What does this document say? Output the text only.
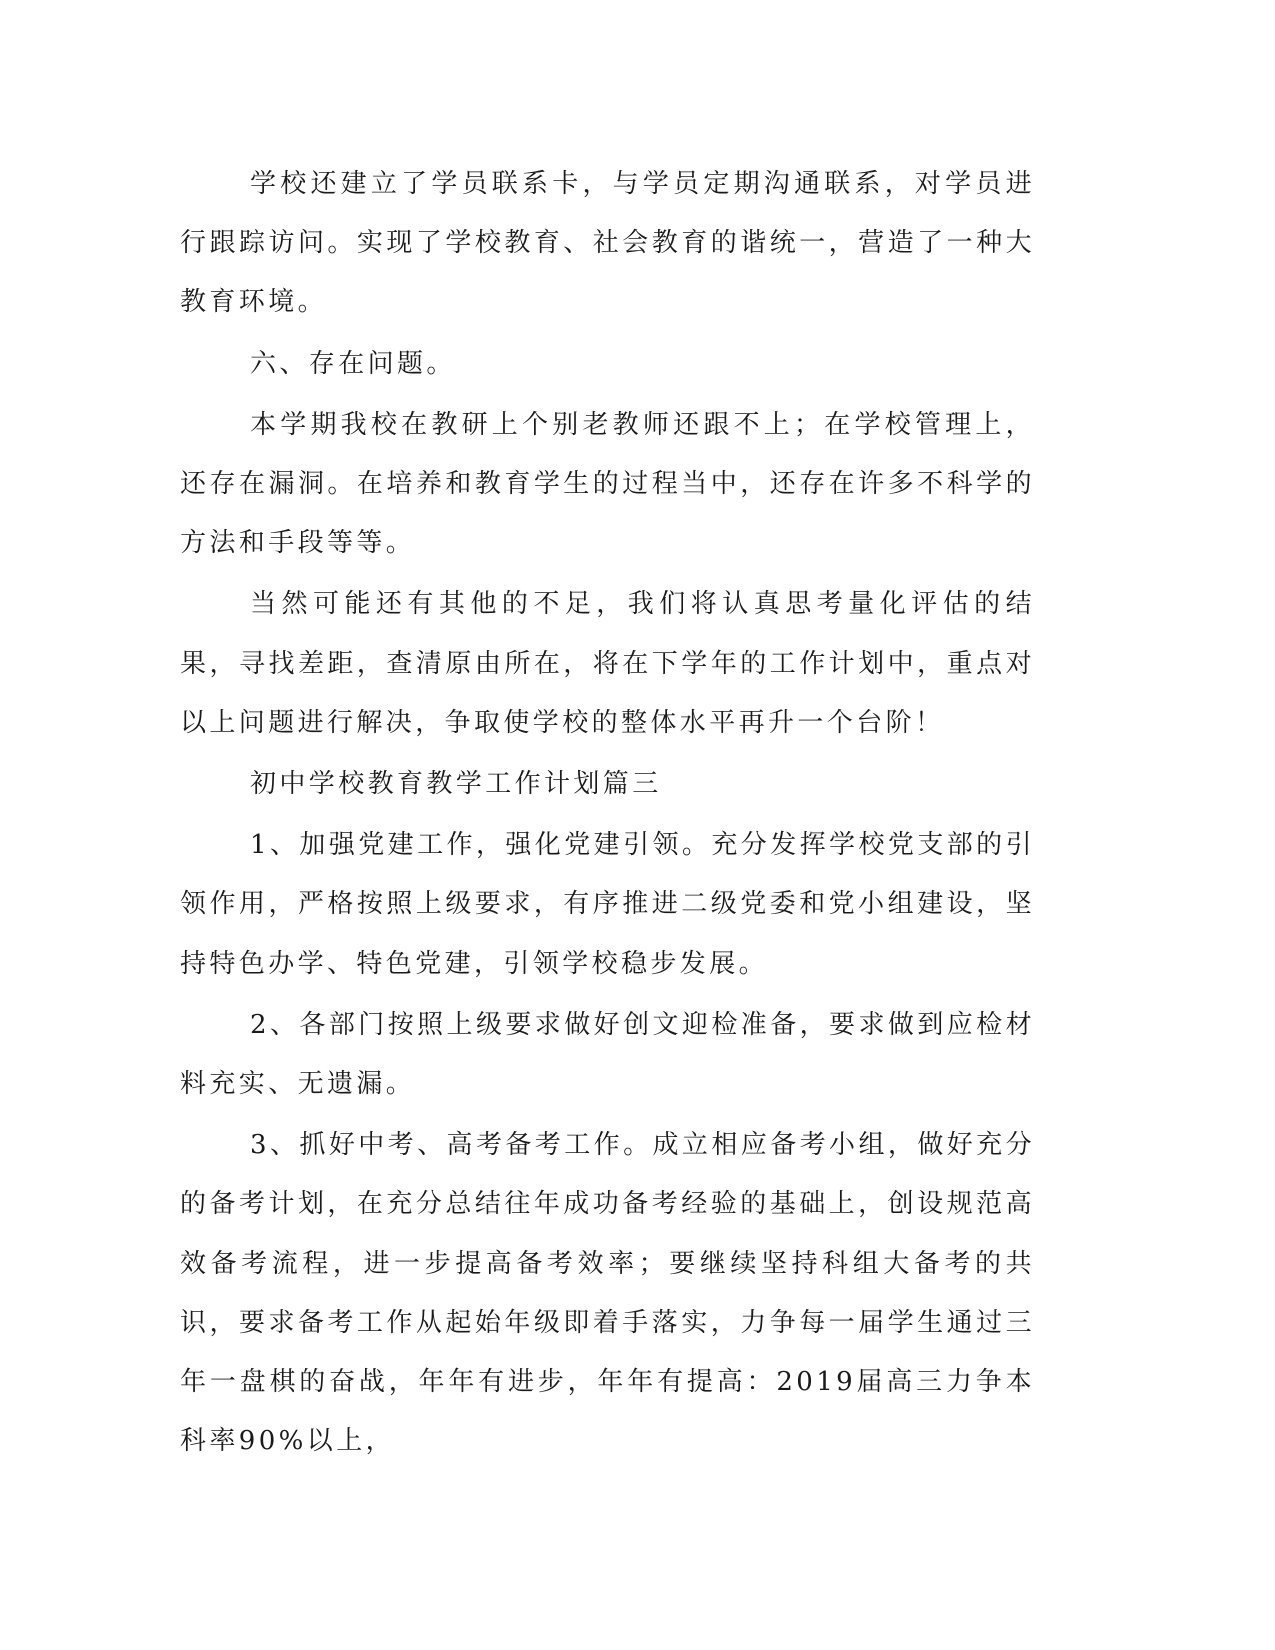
学校还建立了学员联系卡，与学员定期沟通联系，对学员进行跟踪访问。实现了学校教育、社会教育的谐统一，营造了一种大教育环境。

六、存在问题。

本学期我校在教研上个别老教师还跟不上；在学校管理上，还存在漏洞。在培养和教育学生的过程当中，还存在许多不科学的方法和手段等等。

当然可能还有其他的不足，我们将认真思考量化评估的结果，寻找差距，查清原由所在，将在下学年的工作计划中，重点对以上问题进行解决，争取使学校的整体水平再升一个台阶！

初中学校教育教学工作计划篇三

1、加强党建工作，强化党建引领。充分发挥学校党支部的引领作用，严格按照上级要求，有序推进二级党委和党小组建设，坚持特色办学、特色党建，引领学校稳步发展。

2、各部门按照上级要求做好创文迎检准备，要求做到应检材料充实、无遗漏。

3、抓好中考、高考备考工作。成立相应备考小组，做好充分的备考计划，在充分总结往年成功备考经验的基础上，创设规范高效备考流程，进一步提高备考效率；要继续坚持科组大备考的共识，要求备考工作从起始年级即着手落实，力争每一届学生通过三年一盘棋的奋战，年年有进步，年年有提高：2019届高三力争本科率90%以上，
